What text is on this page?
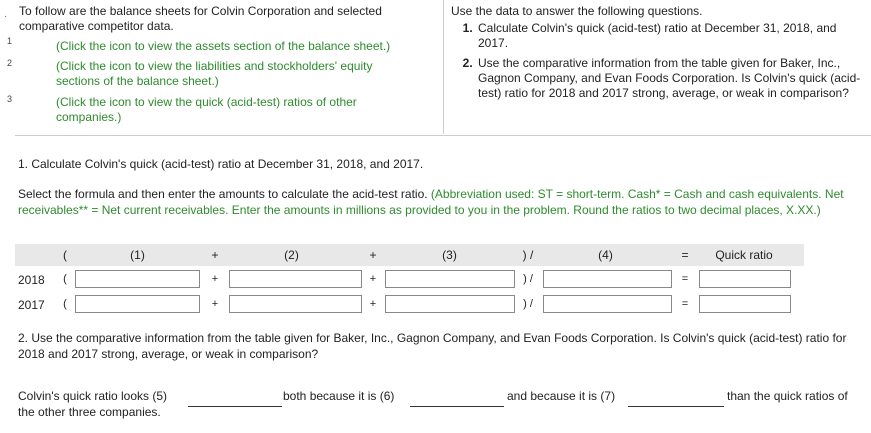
. To follow are the balance sheets for Colvin Corporation and selected comparative competitor data.
1	(Click the icon to view the assets section of the balance sheet.)
2	(Click the icon to view the liabilities and stockholders' equity sections of the balance sheet.)
3	(Click the icon to view the quick (acid-test) ratios of other companies.)
Use the data to answer the following questions.
1. Calculate Colvin's quick (acid-test) ratio at December 31, 2018, and 2017.
2. Use the comparative information from the table given for Baker, Inc., Gagnon Company, and Evan Foods Corporation. Is Colvin's quick (acid-test) ratio for 2018 and 2017 strong, average, or weak in comparison?
1. Calculate Colvin's quick (acid-test) ratio at December 31, 2018, and 2017.
Select the formula and then enter the amounts to calculate the acid-test ratio. (Abbreviation used: ST = short-term. Cash* = Cash and cash equivalents. Net receivables** = Net current receivables. Enter the amounts in millions as provided to you in the problem. Round the ratios to two decimal places, X.XX.)
(	(1)	+	(2)	+	(3)	) /	(4)	=	Quick ratio
2018 (	+	+	) /	=
2017 (	+	+	) /	=
2. Use the comparative information from the table given for Baker, Inc., Gagnon Company, and Evan Foods Corporation. Is Colvin's quick (acid-test) ratio for 2018 and 2017 strong, average, or weak in comparison?
Colvin's quick ratio looks (5)	both because it is (6)	and because it is (7)	than the quick ratios of
the other three companies.
